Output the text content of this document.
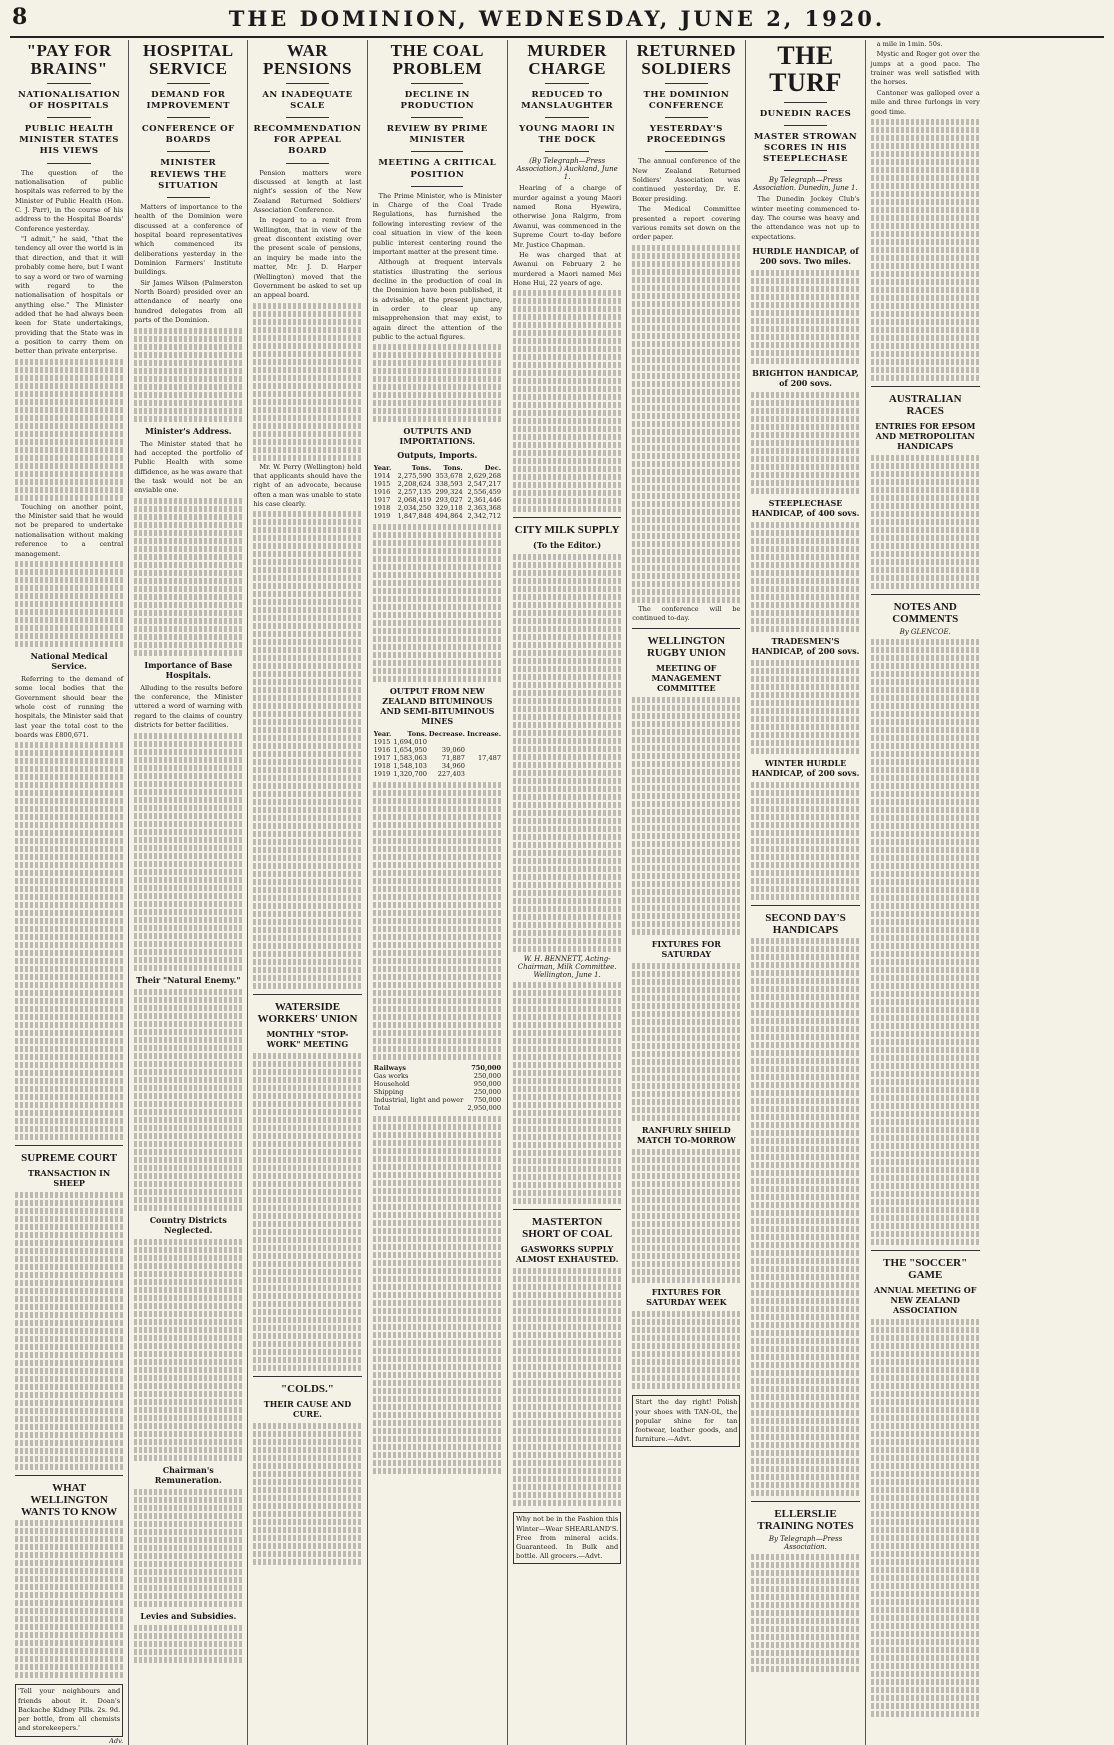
8	THE DOMINION, WEDNESDAY, JUNE 2, 1920.
"PAY FOR BRAINS"
NATIONALISATION OF HOSPITALS
PUBLIC HEALTH MINISTER STATES HIS VIEWS

The question of the nationalisation of public hospitals was referred to by the Minister of Public Health (Hon. C. J. Parr), in the course of his address to the Hospital Boards' Conference yesterday.

"I admit," he said, "that the tendency all over the world is in that direction, and that it will probably come here, but I want to say a word or two of warning with regard to the nationalisation of hospitals or anything else." The Minister added that he had always been keen for State undertakings, providing that the State was in a position to carry them on better than private enterprise.

Touching on another point, the Minister said that he would not be prepared to undertake nationalisation without making reference to a central management.

National Medical Service.

Referring to the demand of some local bodies that the Government should bear the whole cost of running the hospitals, the Minister said that last year the total cost to the boards was £800,671.

SUPREME COURT
TRANSACTION IN SHEEP
WHAT WELLINGTON WANTS TO KNOW
'Tell your neighbours and friends about it. Doan's Backache Kidney Pills. 2s. 9d. per bottle, from all chemists and storekeepers.'
Adv.
HOSPITAL SERVICE
DEMAND FOR IMPROVEMENT
CONFERENCE OF BOARDS
MINISTER REVIEWS THE SITUATION

Matters of importance to the health of the Dominion were discussed at a conference of hospital board representatives which commenced its deliberations yesterday in the Dominion Farmers' Institute buildings.

Sir James Wilson (Palmerston North Board) presided over an attendance of nearly one hundred delegates from all parts of the Dominion.

Minister's Address.

The Minister stated that he had accepted the portfolio of Public Health with some diffidence, as he was aware that the task would not be an enviable one.

Importance of Base Hospitals.

Alluding to the results before the conference, the Minister uttered a word of warning with regard to the claims of country districts for better facilities.

Their "Natural Enemy."
Country Districts Neglected.
Chairman's Remuneration.
Levies and Subsidies.
WAR PENSIONS
AN INADEQUATE SCALE
RECOMMENDATION FOR APPEAL BOARD

Pension matters were discussed at length at last night's session of the New Zealand Returned Soldiers' Association Conference.

In regard to a remit from Wellington, that in view of the great discontent existing over the present scale of pensions, an inquiry be made into the matter, Mr. J. D. Harper (Wellington) moved that the Government be asked to set up an appeal board.

Mr. W. Perry (Wellington) held that applicants should have the right of an advocate, because often a man was unable to state his case clearly.

WATERSIDE WORKERS' UNION
MONTHLY "STOP-WORK" MEETING
"COLDS."
THEIR CAUSE AND CURE.
THE COAL PROBLEM
DECLINE IN PRODUCTION
REVIEW BY PRIME MINISTER
MEETING A CRITICAL POSITION

The Prime Minister, who is Minister in Charge of the Coal Trade Regulations, has furnished the following interesting review of the coal situation in view of the keen public interest centering round the important matter at the present time.

Although at frequent intervals statistics illustrating the serious decline in the production of coal in the Dominion have been published, it is advisable, at the present juncture, in order to clear up any misapprehension that may exist, to again direct the attention of the public to the actual figures.

OUTPUTS AND IMPORTATIONS.
Outputs, Imports.
Year.	Tons.	Tons.	Dec.
1914	2,275,590	353,678	2,629,268
1915	2,208,624	338,593	2,547,217
1916	2,257,135	299,324	2,556,459
1917	2,068,419	293,027	2,361,446
1918	2,034,250	329,118	2,363,368
1919	1,847,848	494,864	2,342,712
OUTPUT FROM NEW ZEALAND BITUMINOUS AND SEMI-BITUMINOUS MINES
Year.	Tons.	Decrease.	Increase.
1915	1,694,010		
1916	1,654,950	39,060	
1917	1,583,063	71,887	17,487
1918	1,548,103	34,960	
1919	1,320,700	227,403	
Railways	750,000
Gas works	250,000
Household	950,000
Shipping	250,000
Industrial, light and power	750,000
Total	2,950,000
MURDER CHARGE
REDUCED TO MANSLAUGHTER
YOUNG MAORI IN THE DOCK
(By Telegraph—Press Association.) Auckland, June 1.

Hearing of a charge of murder against a young Maori named Rona Hyewira, otherwise Jona Ralgrm, from Awanui, was commenced in the Supreme Court to-day before Mr. Justice Chapman.

He was charged that at Awanui on February 2 he murdered a Maori named Mei Hone Hui, 22 years of age.

CITY MILK SUPPLY
(To the Editor.)
W. H. BENNETT, Acting-Chairman, Milk Committee. Wellington, June 1.
MASTERTON SHORT OF COAL
GASWORKS SUPPLY ALMOST EXHAUSTED.
Why not be in the Fashion this Winter—Wear SHEARLAND'S. Free from mineral acids. Guaranteed. In Bulk and bottle. All grocers.—Advt.
RETURNED SOLDIERS
THE DOMINION CONFERENCE
YESTERDAY'S PROCEEDINGS

The annual conference of the New Zealand Returned Soldiers' Association was continued yesterday, Dr. E. Boxer presiding.

The Medical Committee presented a report covering various remits set down on the order paper.

The conference will be continued to-day.

WELLINGTON RUGBY UNION
MEETING OF MANAGEMENT COMMITTEE
FIXTURES FOR SATURDAY
RANFURLY SHIELD MATCH TO-MORROW
FIXTURES FOR SATURDAY WEEK
Start the day right! Polish your shoes with TAN-OL, the popular shine for tan footwear, leather goods, and furniture.—Advt.
THE TURF
DUNEDIN RACES
MASTER STROWAN SCORES IN HIS STEEPLECHASE
By Telegraph—Press Association. Dunedin, June 1.

The Dunedin Jockey Club's winter meeting commenced to-day. The course was heavy and the attendance was not up to expectations.

HURDLE HANDICAP, of 200 sovs. Two miles.
BRIGHTON HANDICAP, of 200 sovs.
STEEPLECHASE HANDICAP, of 400 sovs.
TRADESMEN'S HANDICAP, of 200 sovs.
WINTER HURDLE HANDICAP, of 200 sovs.
SECOND DAY'S HANDICAPS
ELLERSLIE TRAINING NOTES
By Telegraph—Press Association.

a mile in 1min. 50s.

Mystic and Roger got over the jumps at a good pace. The trainer was well satisfied with the horses.

Cantoner was galloped over a mile and three furlongs in very good time.

AUSTRALIAN RACES
ENTRIES FOR EPSOM AND METROPOLITAN HANDICAPS
NOTES AND COMMENTS
By GLENCOE.
THE "SOCCER" GAME
ANNUAL MEETING OF NEW ZEALAND ASSOCIATION
